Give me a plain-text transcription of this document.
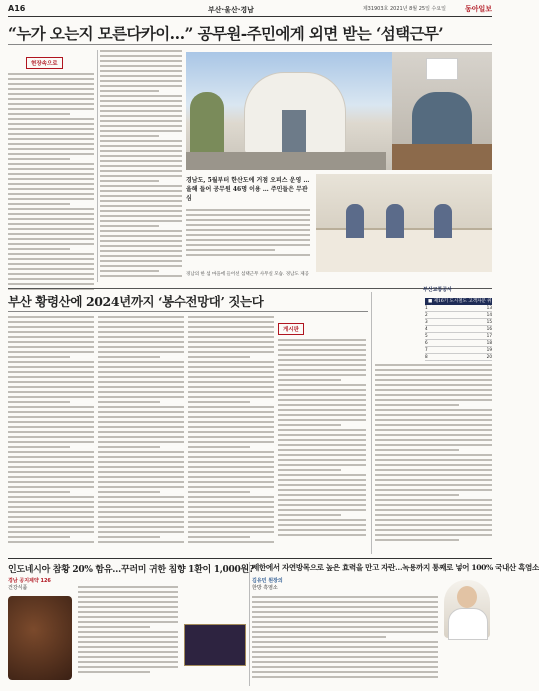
A16	부산·울산·경남	제31903호 2021년 8월 25일 수요일	동아일보
“누가 오는지 모른다카이…” 공무원-주민에게 외면 받는 ‘섬택근무’
현장속으로
경남도, 5월부터 한산도에 거점 오피스 운영 …
올해 들어 공무원 46명 이용 … 주민들은 무관심
경남의 한 섬 마을에 들어선 섬택근무 사무실 모습. 경남도 제공
부산 황령산에 2024년까지 ‘봉수전망대’ 짓는다
게시판
부산교통공사
■ 제16기 도시철도 고객자문 위원
1	13
2	14
3	15
4	16
5	17
6	18
7	19
8	20
인도네시아 참황 20% 함유…꾸러미 귀한 침향 1환이 1,000원?
경남 공지제약 126
건강식품
제한에서 자연방목으로 높은 효력을 만고 자란…녹용까지 통째로 넣어 100% 국내산 흑염소
김유민 원장의
한방 흑염소
